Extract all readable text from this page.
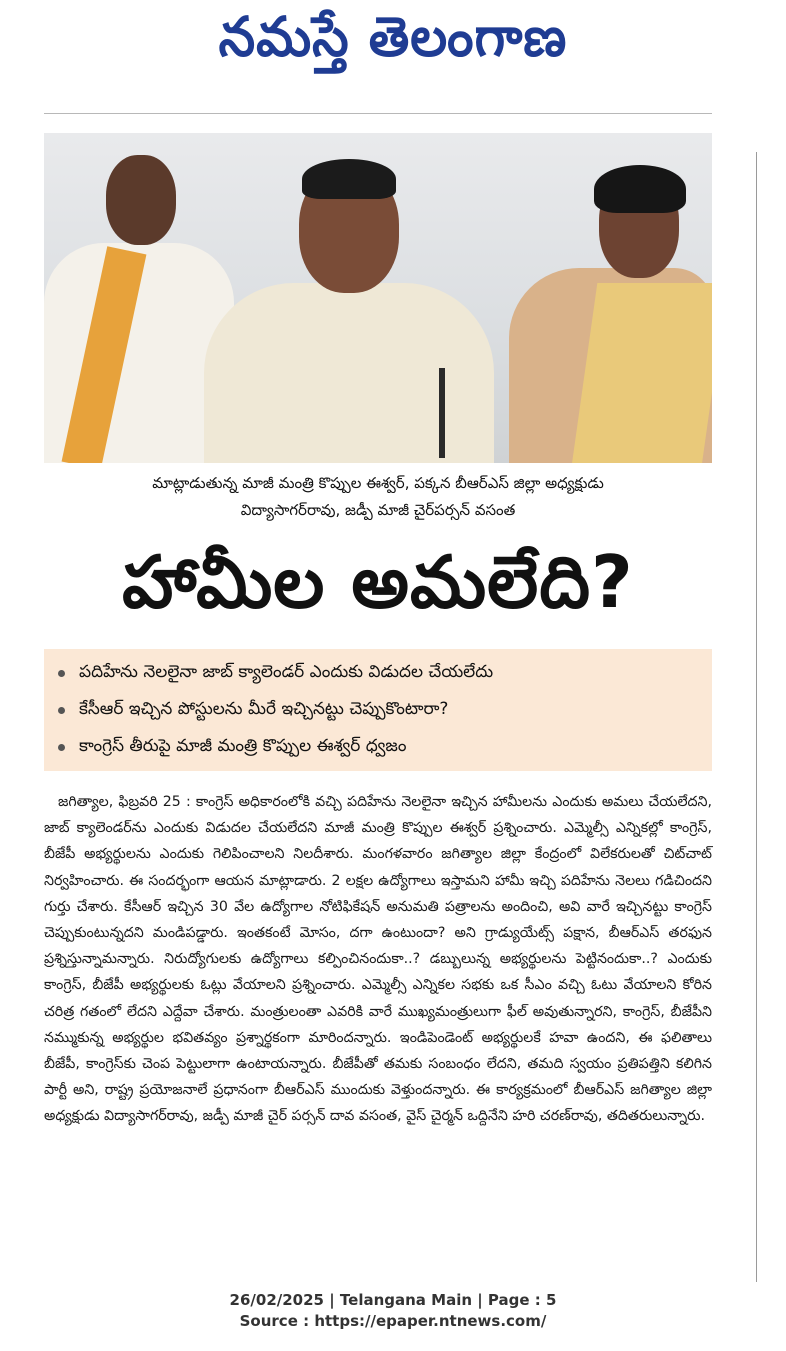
నమస్తే తెలంగాణ
మాట్లాడుతున్న మాజీ మంత్రి కొప్పుల ఈశ్వర్, పక్కన బీఆర్ఎస్ జిల్లా అధ్యక్షుడు
విద్యాసాగర్‌రావు, జడ్పీ మాజీ చైర్‌పర్సన్ వసంత
హామీల అమలేది?
పదిహేను నెలలైనా జాబ్ క్యాలెండర్ ఎందుకు విడుదల చేయలేదు
కేసీఆర్ ఇచ్చిన పోస్టులను మీరే ఇచ్చినట్టు చెప్పుకొంటారా?
కాంగ్రెస్ తీరుపై మాజీ మంత్రి కొప్పుల ఈశ్వర్ ధ్వజం
జగిత్యాల, ఫిబ్రవరి 25 : కాంగ్రెస్ అధికారంలోకి వచ్చి పదిహేను నెలలైనా ఇచ్చిన హామీలను ఎందుకు అమలు చేయలేదని, జాబ్ క్యాలెండర్‌ను ఎందుకు విడుదల చేయలేదని మాజీ మంత్రి కొప్పుల ఈశ్వర్ ప్రశ్నించారు. ఎమ్మెల్సీ ఎన్నికల్లో కాంగ్రెస్, బీజేపీ అభ్యర్థులను ఎందుకు గెలిపించాలని నిలదీశారు. మంగళవారం జగిత్యాల జిల్లా కేంద్రంలో విలేకరులతో చిట్‌చాట్ నిర్వహించారు. ఈ సందర్భంగా ఆయన మాట్లాడారు. 2 లక్షల ఉద్యోగాలు ఇస్తామని హామీ ఇచ్చి పదిహేను నెలలు గడిచిందని గుర్తు చేశారు. కేసీఆర్ ఇచ్చిన 30 వేల ఉద్యోగాల నోటిఫికేషన్ అనుమతి పత్రాలను అందించి, అవి వారే ఇచ్చినట్టు కాంగ్రెస్ చెప్పుకుంటున్నదని మండిపడ్డారు. ఇంతకంటే మోసం, దగా ఉంటుందా? అని గ్రాడ్యుయేట్స్ పక్షాన, బీఆర్ఎస్ తరఫున ప్రశ్నిస్తున్నామన్నారు. నిరుద్యోగులకు ఉద్యోగాలు కల్పించినందుకా..? డబ్బులున్న అభ్యర్థులను పెట్టినందుకా..? ఎందుకు కాంగ్రెస్, బీజేపీ అభ్యర్థులకు ఓట్లు వేయాలని ప్రశ్నించారు. ఎమ్మెల్సీ ఎన్నికల సభకు ఒక సీఎం వచ్చి ఓటు వేయాలని కోరిన చరిత్ర గతంలో లేదని ఎద్దేవా చేశారు. మంత్రులంతా ఎవరికి వారే ముఖ్యమంత్రులుగా ఫీల్ అవుతున్నారని, కాంగ్రెస్, బీజేపీని నమ్ముకున్న అభ్యర్థుల భవితవ్యం ప్రశ్నార్థకంగా మారిందన్నారు. ఇండిపెండెంట్ అభ్యర్థులకే హవా ఉందని, ఈ ఫలితాలు బీజేపీ, కాంగ్రెస్‌కు చెంప పెట్టులాగా ఉంటాయన్నారు. బీజేపీతో తమకు సంబంధం లేదని, తమది స్వయం ప్రతిపత్తిని కలిగిన పార్టీ అని, రాష్ట్ర ప్రయోజనాలే ప్రధానంగా బీఆర్ఎస్ ముందుకు వెళ్తుందన్నారు. ఈ కార్యక్రమంలో బీఆర్ఎస్ జగిత్యాల జిల్లా అధ్యక్షుడు విద్యాసాగర్‌రావు, జడ్పీ మాజీ చైర్ పర్సన్ దావ వసంత, వైస్ చైర్మన్ ఒద్దినేని హరి చరణ్‌రావు, తదితరులున్నారు.
26/02/2025 | Telangana Main | Page : 5
Source : https://epaper.ntnews.com/
